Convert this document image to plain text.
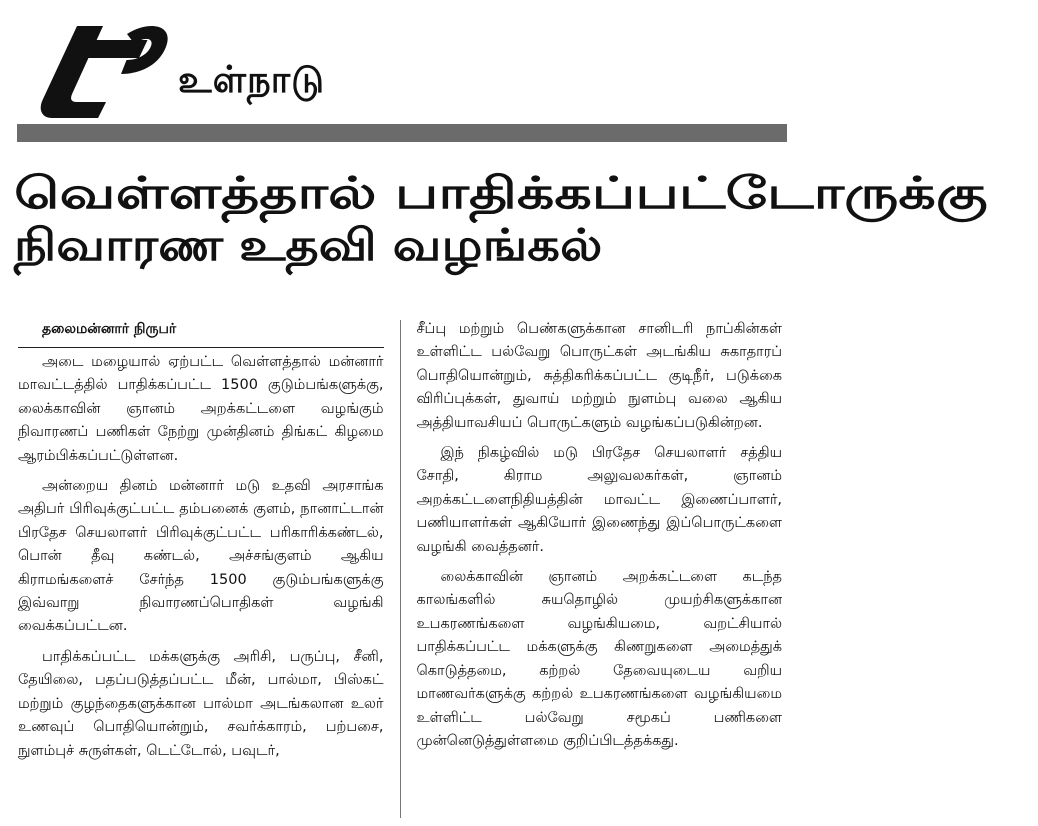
உள்நாடு
வெள்ளத்தால் பாதிக்கப்பட்டோருக்கு
நிவாரண உதவி வழங்கல்

தலைமன்னார் நிருபர்

அடை மழையால் ஏற்பட்ட வெள்ளத்தால் மன்னார் மாவட்டத்தில் பாதிக்கப்பட்ட 1500 குடும்பங்களுக்கு, லைக்காவின் ஞானம் அறக்கட்டளை வழங்கும் நிவாரணப் பணிகள் நேற்று முன்தினம் திங்கட் கிழமை ஆரம்பிக்கப்பட்டுள்ளன.

அன்றைய தினம் மன்னார் மடு உதவி அரசாங்க அதிபர் பிரிவுக்குட்பட்ட தம்பனைக் குளம், நானாட்டான் பிரதேச செயலாளர் பிரிவுக்குட்பட்ட பரிகாரிக்கண்டல், பொன் தீவு கண்டல், அச்சங்குளம் ஆகிய கிராமங்களைச் சேர்ந்த 1500 குடும்பங்களுக்கு இவ்வாறு நிவாரணப்பொதிகள் வழங்கி வைக்கப்பட்டன.

பாதிக்கப்பட்ட மக்களுக்கு அரிசி, பருப்பு, சீனி, தேயிலை, பதப்படுத்தப்பட்ட மீன், பால்மா, பிஸ்கட் மற்றும் குழந்தைகளுக்கான பால்மா அடங்கலான உலர் உணவுப் பொதியொன்றும், சவர்க்காரம், பற்பசை, நுளம்புச் சுருள்கள், டெட்டோல், பவுடர்,

சீப்பு மற்றும் பெண்களுக்கான சானிடரி நாப்கின்கள் உள்ளிட்ட பல்வேறு பொருட்கள் அடங்கிய சுகாதாரப் பொதியொன்றும், சுத்திகரிக்கப்பட்ட குடிநீர், படுக்கை விரிப்புக்கள், துவாய் மற்றும் நுளம்பு வலை ஆகிய அத்தியாவசியப் பொருட்களும் வழங்கப்படுகின்றன.

இந் நிகழ்வில் மடு பிரதேச செயலாளர் சத்திய சோதி, கிராம அலுவலகர்கள், ஞானம் அறக்கட்டளைநிதியத்தின் மாவட்ட இணைப்பாளர், பணியாளர்கள் ஆகியோர் இணைந்து இப்பொருட்களை வழங்கி வைத்தனர்.

லைக்காவின் ஞானம் அறக்கட்டளை கடந்த காலங்களில் சுயதொழில் முயற்சிகளுக்கான உபகரணங்களை வழங்கியமை, வறட்சியால் பாதிக்கப்பட்ட மக்களுக்கு கிணறுகளை அமைத்துக் கொடுத்தமை, கற்றல் தேவையுடைய வறிய மாணவர்களுக்கு கற்றல் உபகரணங்களை வழங்கியமை உள்ளிட்ட பல்வேறு சமூகப் பணிகளை முன்னெடுத்துள்ளமை குறிப்பிடத்தக்கது.
